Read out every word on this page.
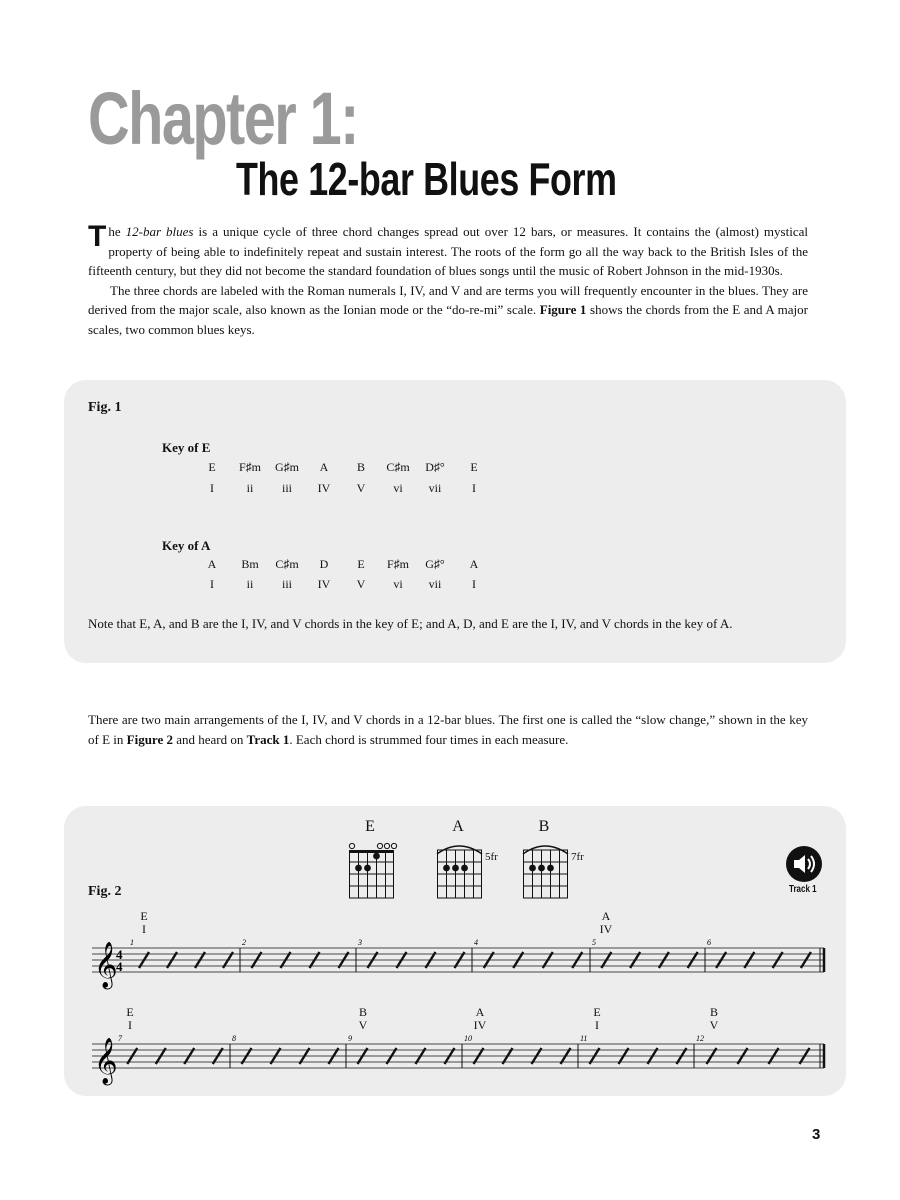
Chapter 1:
The 12-bar Blues Form

The 12-bar blues is a unique cycle of three chord changes spread out over 12 bars, or measures. It contains the (almost) mystical property of being able to indefinitely repeat and sustain interest. The roots of the form go all the way back to the British Isles of the fifteenth century, but they did not become the standard foundation of blues songs until the music of Robert Johnson in the mid-1930s.

The three chords are labeled with the Roman numerals I, IV, and V and are terms you will frequently encounter in the blues. They are derived from the major scale, also known as the Ionian mode or the “do-re-mi” scale. Figure 1 shows the chords from the E and A major scales, two common blues keys.

Fig. 1
Key of E
E	F♯m	G♯m	A	B	C♯m	D♯°	E
I	ii	iii	IV	V	vi	vii	I
Key of A
A	Bm	C♯m	D	E	F♯m	G♯°	A
I	ii	iii	IV	V	vi	vii	I
Note that E, A, and B are the I, IV, and V chords in the key of E; and A, D, and E are the I, IV, and V chords in the key of A.
There are two main arrangements of the I, IV, and V chords in a 12-bar blues. The first one is called the “slow change,” shown in the key of E in Figure 2 and heard on Track 1. Each chord is strummed four times in each measure.
Fig. 2
E	A
5fr
B
7fr
Track 1
E
I
A
IV
E
I
B
V
A
IV
E
I
B
V
𝄞
4
4
1	2	3	4	5	6
𝄞 7	8	9	10	11	12
3
